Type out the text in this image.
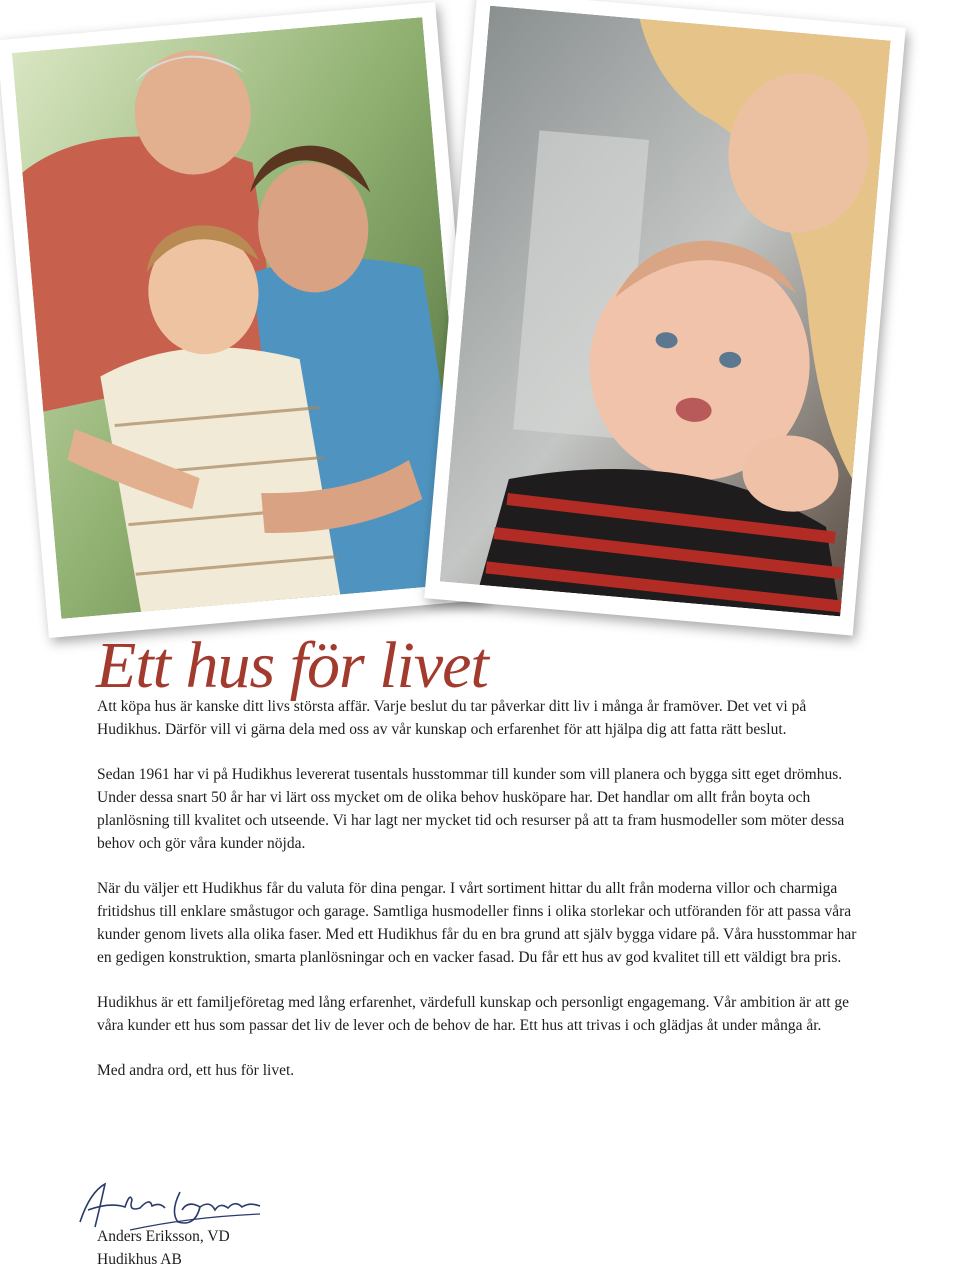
Ett hus för livet

Att köpa hus är kanske ditt livs största affär. Varje beslut du tar påverkar ditt liv i många år framöver. Det vet vi på Hudikhus. Därför vill vi gärna dela med oss av vår kunskap och erfarenhet för att hjälpa dig att fatta rätt beslut.

Sedan 1961 har vi på Hudikhus levererat tusentals husstommar till kunder som vill planera och bygga sitt eget drömhus. Under dessa snart 50 år har vi lärt oss mycket om de olika behov husköpare har. Det handlar om allt från boyta och planlösning till kvalitet och utseende. Vi har lagt ner mycket tid och resurser på att ta fram husmodeller som möter dessa behov och gör våra kunder nöjda.

När du väljer ett Hudikhus får du valuta för dina pengar. I vårt sortiment hittar du allt från moderna villor och charmiga fritidshus till enklare småstugor och garage. Samtliga husmodeller finns i olika storlekar och utföranden för att passa våra kunder genom livets alla olika faser. Med ett Hudikhus får du en bra grund att själv bygga vidare på. Våra husstommar har en gedigen konstruktion, smarta planlösningar och en vacker fasad. Du får ett hus av god kvalitet till ett väldigt bra pris.

Hudikhus är ett familjeföretag med lång erfarenhet, värdefull kunskap och personligt engagemang. Vår ambition är att ge våra kunder ett hus som passar det liv de lever och de behov de har. Ett hus att trivas i och glädjas åt under många år.

Med andra ord, ett hus för livet.

Anders Eriksson, VD
Hudikhus AB
